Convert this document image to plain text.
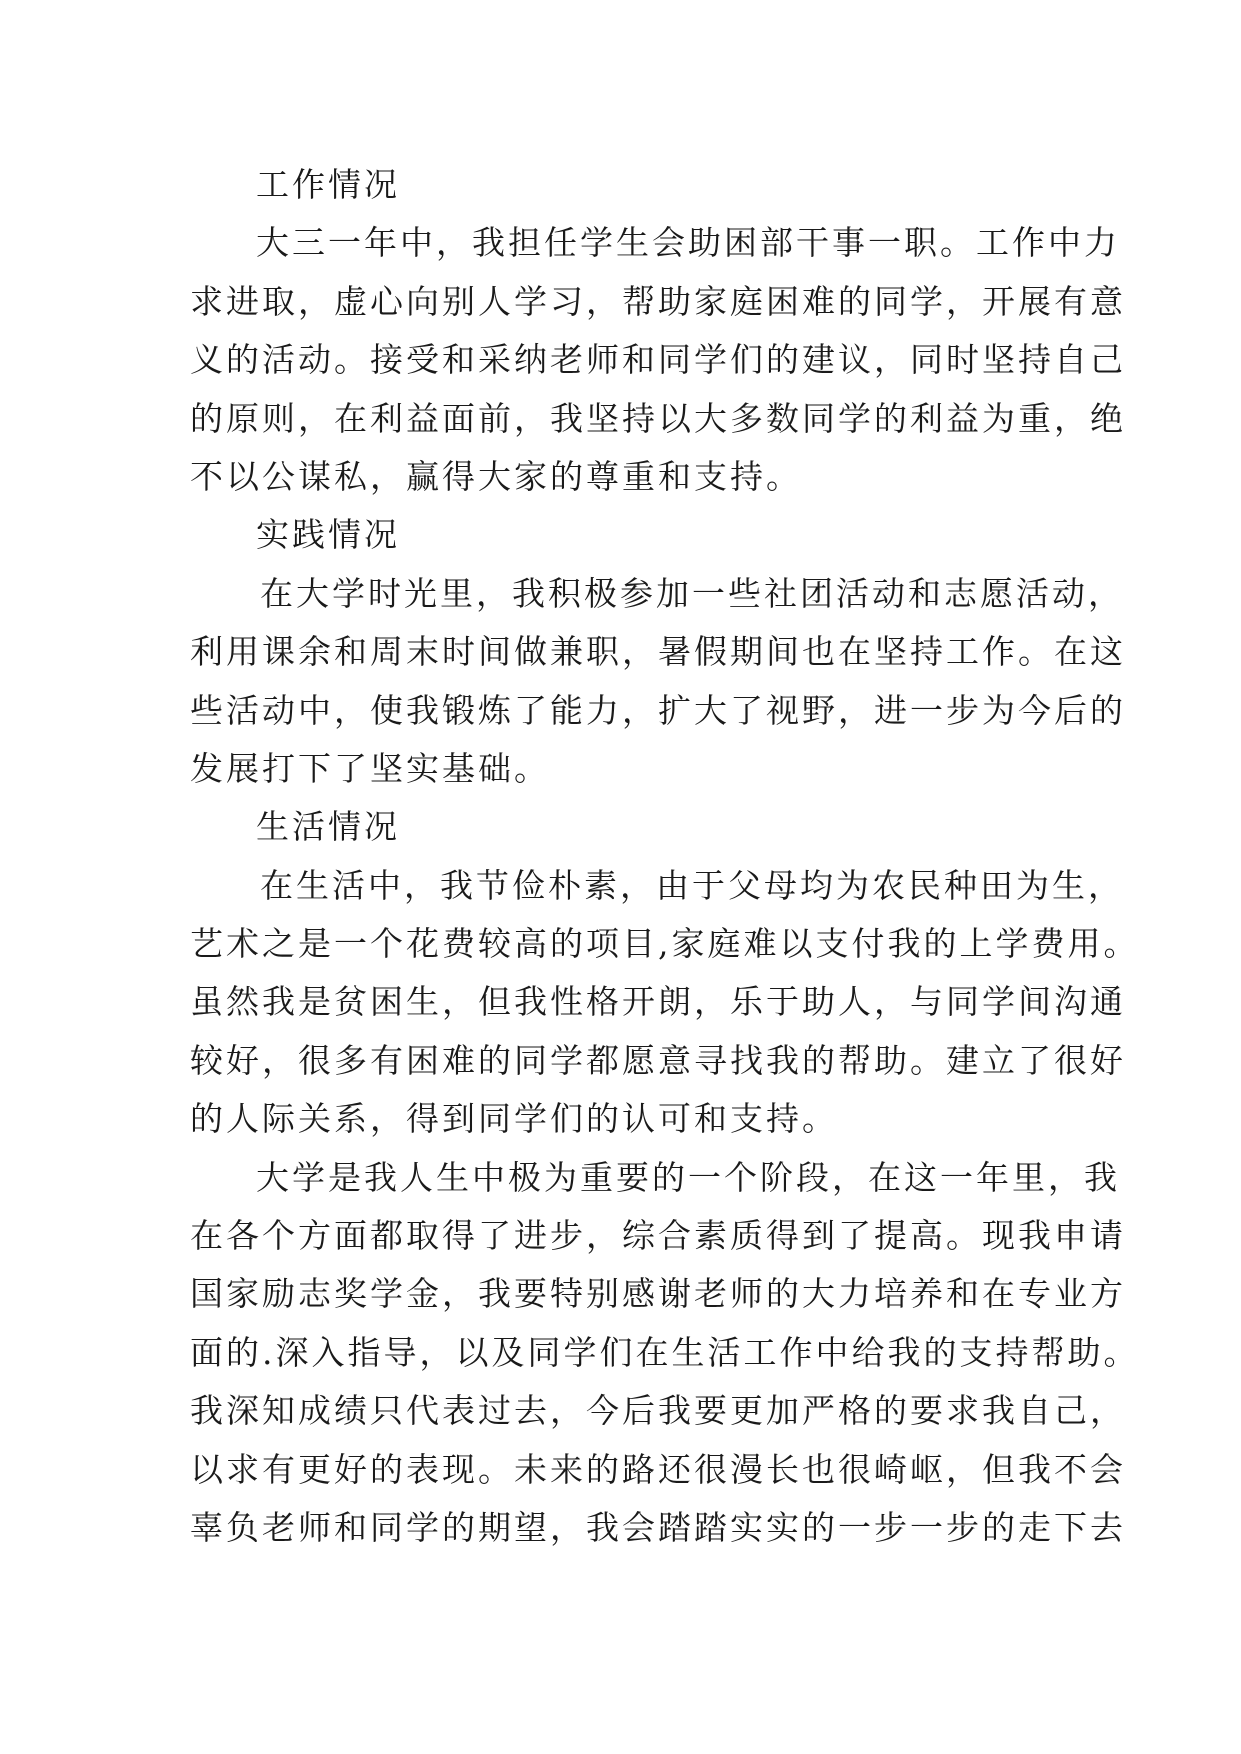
工作情况
大三一年中，我担任学生会助困部干事一职。工作中力
求进取，虚心向别人学习，帮助家庭困难的同学，开展有意
义的活动。接受和采纳老师和同学们的建议，同时坚持自己
的原则，在利益面前，我坚持以大多数同学的利益为重，绝
不以公谋私，赢得大家的尊重和支持。
实践情况
在大学时光里，我积极参加一些社团活动和志愿活动，
利用课余和周末时间做兼职，暑假期间也在坚持工作。在这
些活动中，使我锻炼了能力，扩大了视野，进一步为今后的
发展打下了坚实基础。
生活情况
在生活中，我节俭朴素，由于父母均为农民种田为生，
艺术之是一个花费较高的项目,家庭难以支付我的上学费用。
虽然我是贫困生，但我性格开朗，乐于助人，与同学间沟通
较好，很多有困难的同学都愿意寻找我的帮助。建立了很好
的人际关系，得到同学们的认可和支持。
大学是我人生中极为重要的一个阶段，在这一年里，我
在各个方面都取得了进步，综合素质得到了提高。现我申请
国家励志奖学金，我要特别感谢老师的大力培养和在专业方
面的.深入指导，以及同学们在生活工作中给我的支持帮助。
我深知成绩只代表过去，今后我要更加严格的要求我自己，
以求有更好的表现。未来的路还很漫长也很崎岖，但我不会
辜负老师和同学的期望，我会踏踏实实的一步一步的走下去
